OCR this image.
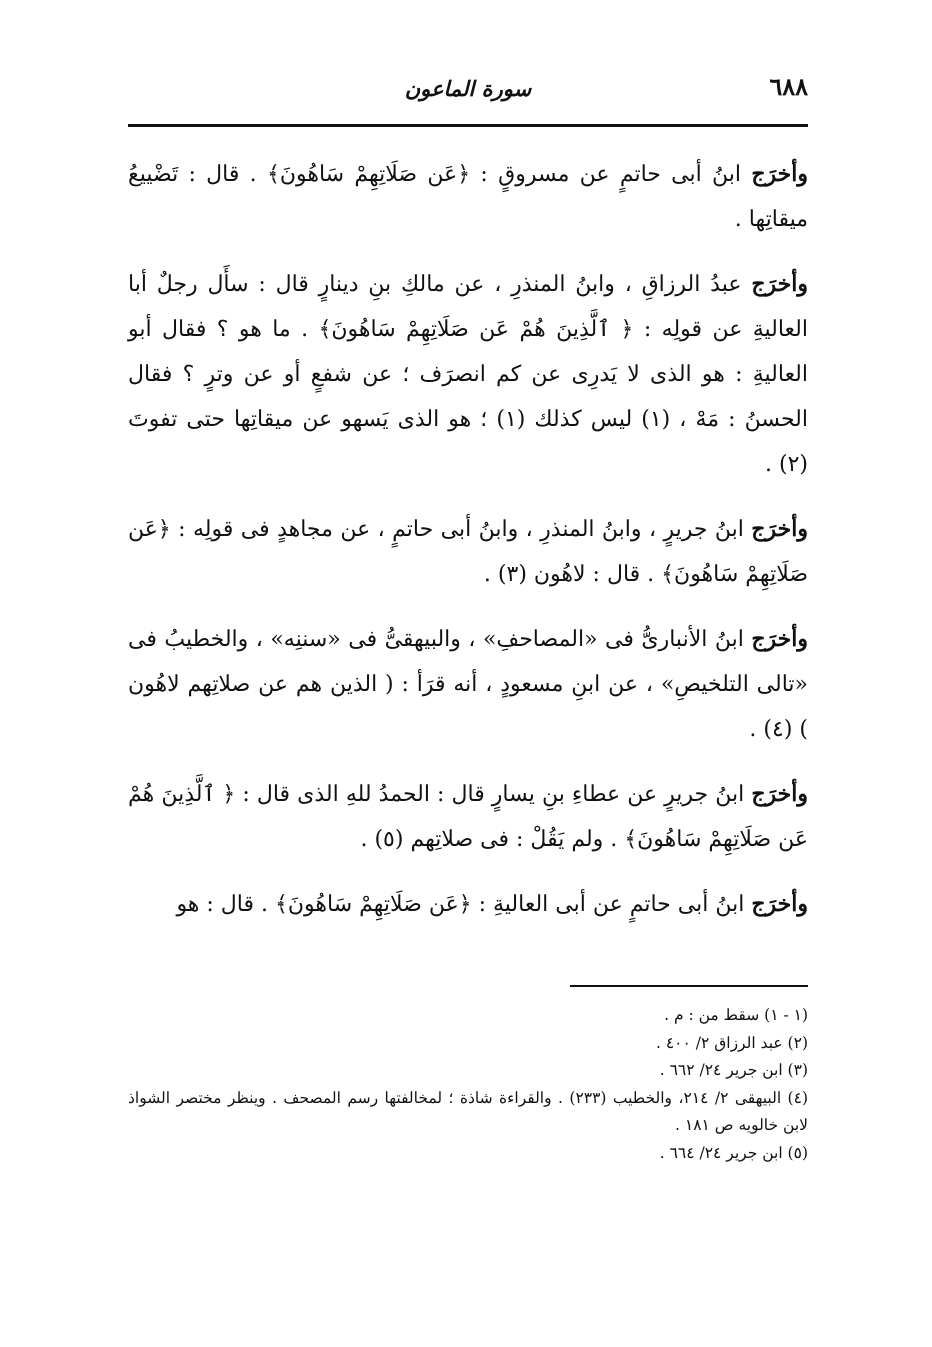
٦٨٨
سورة الماعون

وأخرَج ابنُ أبى حاتمٍ عن مسروقٍ : ﴿عَن صَلَاتِهِمْ سَاهُونَ﴾ . قال : تَضْييعُ ميقاتِها .

وأخرَج عبدُ الرزاقِ ، وابنُ المنذرِ ، عن مالكِ بنِ دينارٍ قال : سأَل رجلٌ أبا العاليةِ عن قولِه : ﴿ ٱلَّذِينَ هُمْ عَن صَلَاتِهِمْ سَاهُونَ﴾ . ما هو ؟ فقال أبو العاليةِ : هو الذى لا يَدرِى عن كم انصرَف ؛ عن شفعٍ أو عن وترٍ ؟ فقال الحسنُ : مَهْ ، (١) ليس كذلك (١) ؛ هو الذى يَسهو عن ميقاتِها حتى تفوتَ (٢) .

وأخرَج ابنُ جريرٍ ، وابنُ المنذرِ ، وابنُ أبى حاتمٍ ، عن مجاهدٍ فى قولِه : ﴿عَن صَلَاتِهِمْ سَاهُونَ﴾ . قال : لاهُون (٣) .

وأخرَج ابنُ الأنبارىُّ فى «المصاحفِ» ، والبيهقىُّ فى «سننِه» ، والخطيبُ فى «تالى التلخيصِ» ، عن ابنِ مسعودٍ ، أنه قرَأ : ( الذين هم عن صلاتِهم لاهُون ) (٤) .

وأخرَج ابنُ جريرٍ عن عطاءِ بنِ يسارٍ قال : الحمدُ للهِ الذى قال : ﴿ ٱلَّذِينَ هُمْ عَن صَلَاتِهِمْ سَاهُونَ﴾ . ولم يَقُلْ : فى صلاتِهم (٥) .

وأخرَج ابنُ أبى حاتمٍ عن أبى العاليةِ : ﴿عَن صَلَاتِهِمْ سَاهُونَ﴾ . قال : هو

(١ - ١) سقط من : م .

(٢) عبد الرزاق ٢/ ٤٠٠ .

(٣) ابن جرير ٢٤/ ٦٦٢ .

(٤) البيهقى ٢/ ٢١٤، والخطيب (٢٣٣) . والقراءة شاذة ؛ لمخالفتها رسم المصحف . وينظر مختصر الشواذ لابن خالويه ص ١٨١ .

(٥) ابن جرير ٢٤/ ٦٦٤ .
